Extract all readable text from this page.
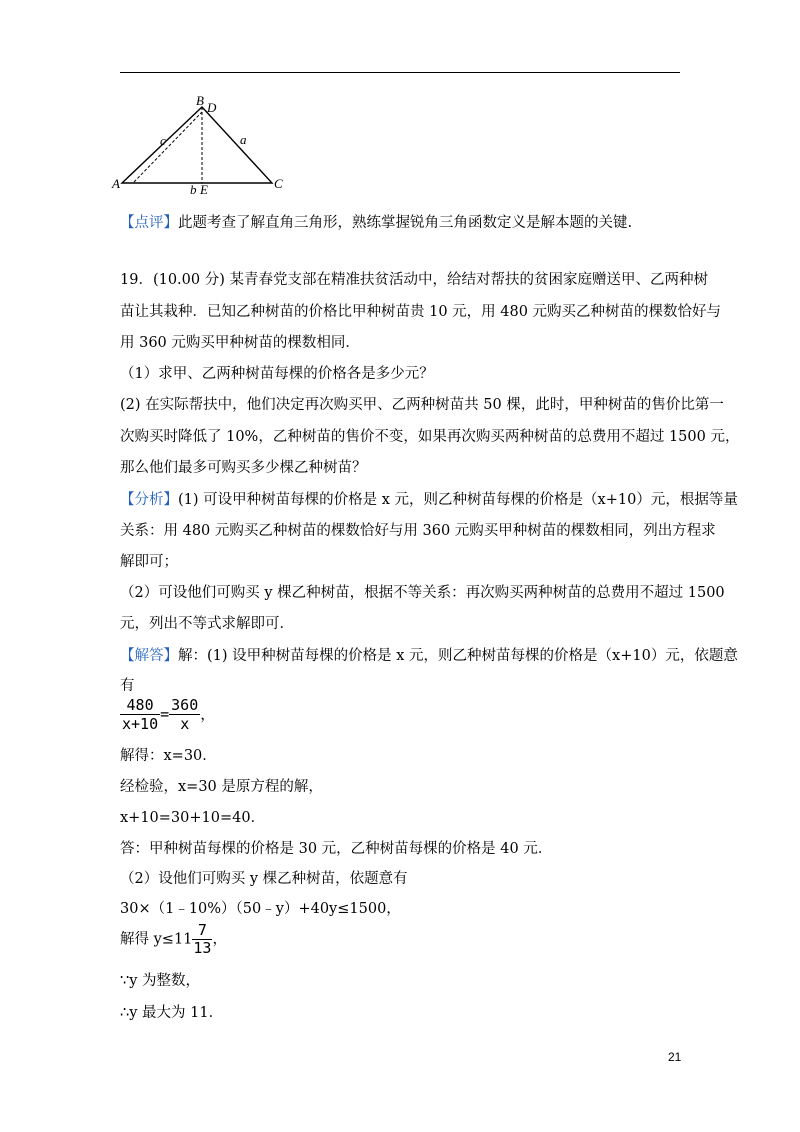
A
B D
C
b E
c	a
【点评】此题考查了解直角三角形，熟练掌握锐角三角函数定义是解本题的关键.
19．(10.00 分) 某青春党支部在精准扶贫活动中，给结对帮扶的贫困家庭赠送甲、乙两种树
苗让其栽种．已知乙种树苗的价格比甲种树苗贵 10 元，用 480 元购买乙种树苗的棵数恰好与
用 360 元购买甲种树苗的棵数相同．
（1）求甲、乙两种树苗每棵的价格各是多少元？
(2) 在实际帮扶中，他们决定再次购买甲、乙两种树苗共 50 棵，此时，甲种树苗的售价比第一
次购买时降低了 10%，乙种树苗的售价不变，如果再次购买两种树苗的总费用不超过 1500 元，
那么他们最多可购买多少棵乙种树苗？
【分析】(1) 可设甲种树苗每棵的价格是 x 元，则乙种树苗每棵的价格是（x+10）元，根据等量
关系：用 480 元购买乙种树苗的棵数恰好与用 360 元购买甲种树苗的棵数相同，列出方程求
解即可；
（2）可设他们可购买 y 棵乙种树苗，根据不等关系：再次购买两种树苗的总费用不超过 1500
元，列出不等式求解即可．
【解答】解：(1) 设甲种树苗每棵的价格是 x 元，则乙种树苗每棵的价格是（x+10）元，依题意
有
$\frac{480}{x+10} = \frac{360}{x}$ ，
解得：x=30．
经检验，x=30 是原方程的解，
x+10=30+10=40．
答：甲种树苗每棵的价格是 30 元，乙种树苗每棵的价格是 40 元．
（2）设他们可购买 y 棵乙种树苗，依题意有
30×（1﹣10%）（50﹣y）+40y≤1500，
解得 $y\le 11 \frac{7}{13}$ ，
∵y 为整数，
∴y 最大为 11．
21
